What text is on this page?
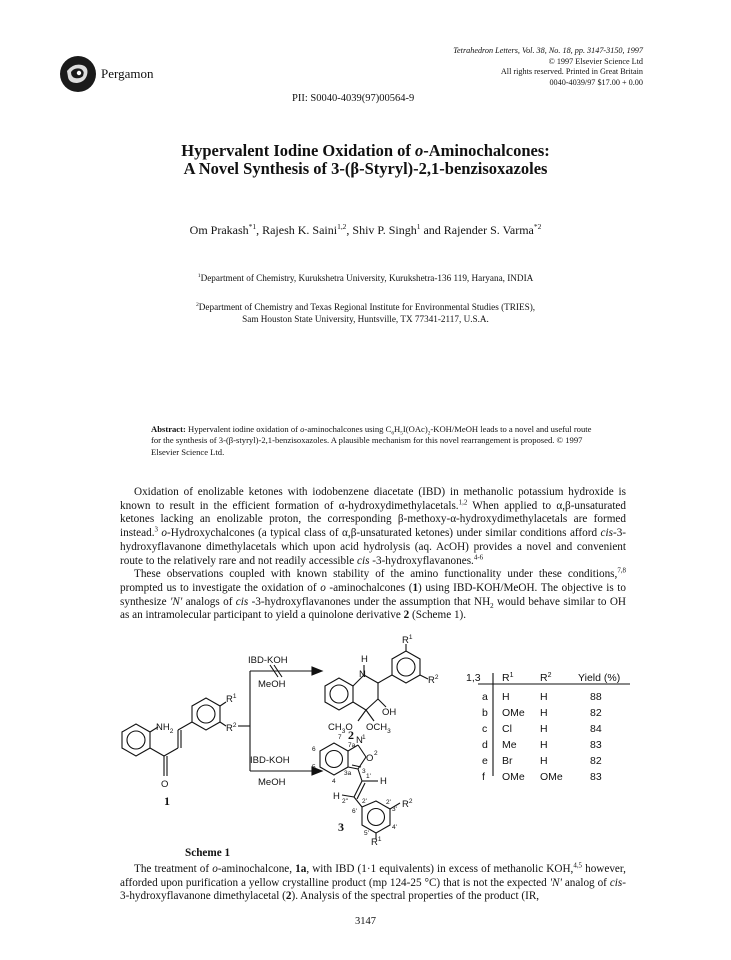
Pergamon
Tetrahedron Letters, Vol. 38, No. 18, pp. 3147-3150, 1997
© 1997 Elsevier Science Ltd
All rights reserved. Printed in Great Britain
0040-4039/97 $17.00 + 0.00
PII: S0040-4039(97)00564-9
Hypervalent Iodine Oxidation of o-Aminochalcones:
A Novel Synthesis of 3-(β-Styryl)-2,1-benzisoxazoles
Om Prakash$^{*1}$, Rajesh K. Saini$^{1,2}$, Shiv P. Singh$^1$ and Rajender S. Varma$^{*2}$
$^1$Department of Chemistry, Kurukshetra University, Kurukshetra-136 119, Haryana, INDIA
$^2$Department of Chemistry and Texas Regional Institute for Environmental Studies (TRIES),
Sam Houston State University, Huntsville, TX 77341-2117, U.S.A.
Abstract: Hypervalent iodine oxidation of o-aminochalcones using $C_6H_5I(OAc)_2-KOH$/MeOH leads to a novel and useful route for the synthesis of 3-(β-styryl)-2,1-benzisoxazoles. A plausible mechanism for this novel rearrangement is proposed. © 1997 Elsevier Science Ltd.

Oxidation of enolizable ketones with iodobenzene diacetate (IBD) in methanolic potassium hydroxide is known to result in the efficient formation of α-hydroxydimethylacetals.$^{1,2}$ When applied to α,β-unsaturated ketones lacking an enolizable proton, the corresponding β-methoxy-α-hydroxydimethylacetals are formed instead.$^3$ o-Hydroxychalcones (a typical class of α,β-unsaturated ketones) under similar conditions afford cis-3-hydroxyflavanone dimethylacetals which upon acid hydrolysis (aq. AcOH) provides a novel and convenient route to the relatively rare and not readily accessible cis -3-hydroxyflavanones.$^{4-6}$

These observations coupled with known stability of the amino functionality under these conditions,$^{7,8}$ prompted us to investigate the oxidation of o -aminochalcones (1) using IBD-KOH/MeOH. The objective is to synthesize 'N' analogs of cis -3-hydroxyflavanones under the assumption that $NH_2$ would behave similar to OH as an intramolecular participant to yield a quinolone derivative 2 (Scheme 1).

IBD-KOH
MeOH
IBD-KOH
MeOH
$NH_2$
O
$R^1$
$R^2$
H
N
$R^1$
$R^2$
OH
$CH_3O$ $OCH_3$
N
O
H
H
$R^2$
$R^1$
7
7a
1
6
2
5
3a 3
4
1'
2'' 2'	2'
6'	3'
4'
5'
1
2
3
1,3 $R^1$	$R^2$	Yield (%)
a H	H	88
b OMe H	82
c Cl	H	84
d Me H	83
e Br	H	82
f OMe OMe	83
Scheme 1

The treatment of o-aminochalcone, 1a, with IBD (1·1 equivalents) in excess of methanolic KOH,$^{4,5}$ however, afforded upon purification a yellow crystalline product (mp 124-25 °C) that is not the expected 'N' analog of cis-3-hydroxyflavanone dimethylacetal (2). Analysis of the spectral properties of the product (IR,

3147
